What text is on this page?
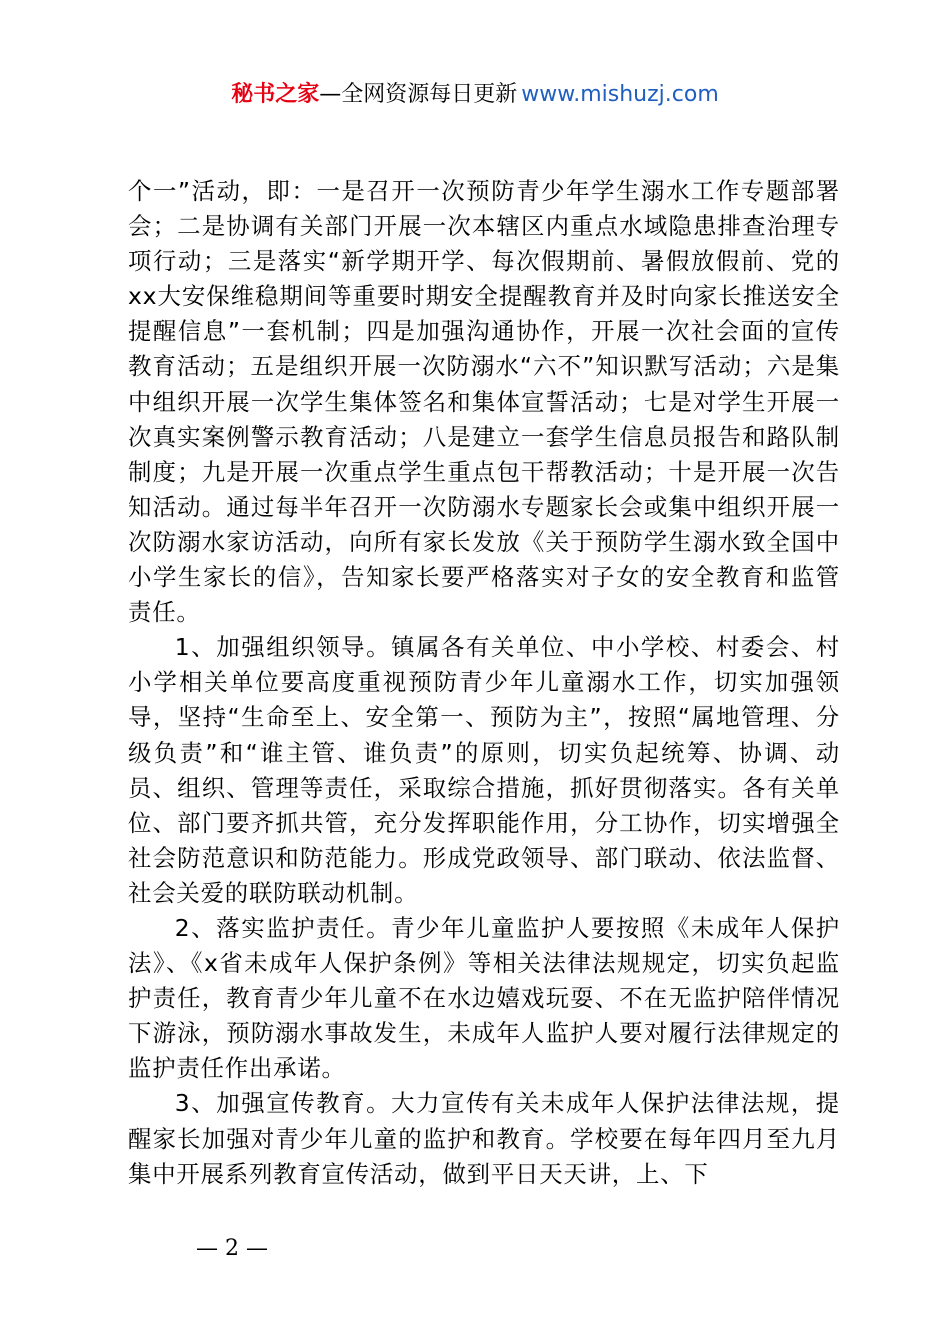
秘书之家—全网资源每日更新 www.mishuzj.com

个一”活动，即：一是召开一次预防青少年学生溺水工作专题部署会；二是协调有关部门开展一次本辖区内重点水域隐患排查治理专项行动；三是落实“新学期开学、每次假期前、暑假放假前、党的xx大安保维稳期间等重要时期安全提醒教育并及时向家长推送安全提醒信息”一套机制；四是加强沟通协作，开展一次社会面的宣传教育活动；五是组织开展一次防溺水“六不”知识默写活动；六是集中组织开展一次学生集体签名和集体宣誓活动；七是对学生开展一次真实案例警示教育活动；八是建立一套学生信息员报告和路队制制度；九是开展一次重点学生重点包干帮教活动；十是开展一次告知活动。通过每半年召开一次防溺水专题家长会或集中组织开展一次防溺水家访活动，向所有家长发放《关于预防学生溺水致全国中小学生家长的信》，告知家长要严格落实对子女的安全教育和监管责任。

1、加强组织领导。镇属各有关单位、中小学校、村委会、村小学相关单位要高度重视预防青少年儿童溺水工作，切实加强领导，坚持“生命至上、安全第一、预防为主”，按照“属地管理、分级负责”和“谁主管、谁负责”的原则，切实负起统筹、协调、动员、组织、管理等责任，采取综合措施，抓好贯彻落实。各有关单位、部门要齐抓共管，充分发挥职能作用，分工协作，切实增强全社会防范意识和防范能力。形成党政领导、部门联动、依法监督、社会关爱的联防联动机制。

2、落实监护责任。青少年儿童监护人要按照《未成年人保护法》、《x省未成年人保护条例》等相关法律法规规定，切实负起监护责任，教育青少年儿童不在水边嬉戏玩耍、不在无监护陪伴情况下游泳，预防溺水事故发生，未成年人监护人要对履行法律规定的监护责任作出承诺。

3、加强宣传教育。大力宣传有关未成年人保护法律法规，提醒家长加强对青少年儿童的监护和教育。学校要在每年四月至九月集中开展系列教育宣传活动，做到平日天天讲，上、下

— 2 —
